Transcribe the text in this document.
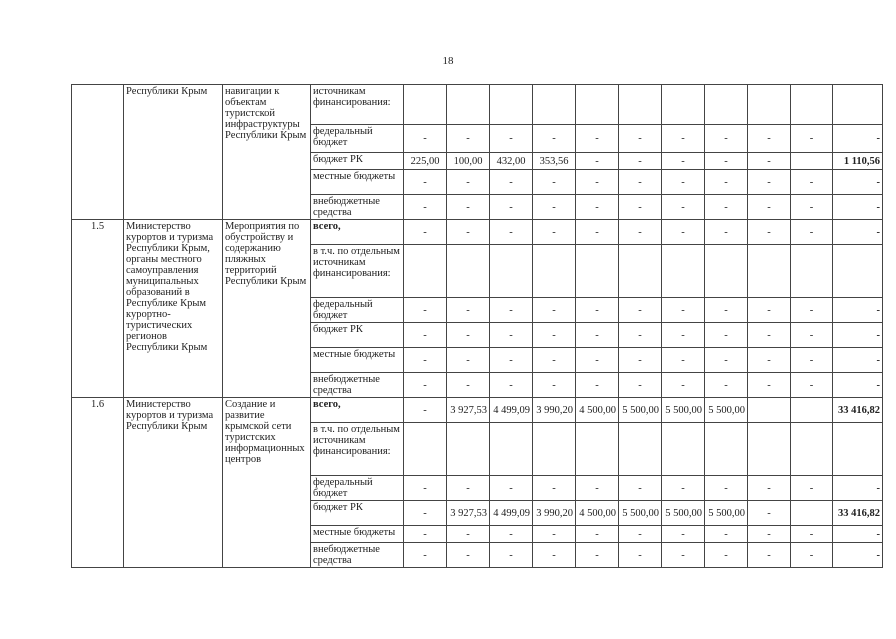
18
	Республики Крым	навигации к объектам туристской инфраструктуры Республики Крым	источникам финансирования:											
			федеральный бюджет	-	-	-	-	-	-	-	-	-	-	-
			бюджет РК	225,00	100,00	432,00	353,56	-	-	-	-	-		1 110,56
			местные бюджеты	-	-	-	-	-	-	-	-	-	-	-
			внебюджетные средства	-	-	-	-	-	-	-	-	-	-	-
1.5	Министерство курортов и туризма Республики Крым, органы местного самоуправления муниципальных образований в Республике Крым курортно-туристических регионов Республики Крым	Мероприятия по обустройству и содержанию пляжных территорий Республики Крым	всего,	-	-	-	-	-	-	-	-	-	-	-
			в т.ч. по отдельным источникам финансирования:											
			федеральный бюджет	-	-	-	-	-	-	-	-	-	-	-
			бюджет РК	-	-	-	-	-	-	-	-	-	-	-
			местные бюджеты	-	-	-	-	-	-	-	-	-	-	-
			внебюджетные средства	-	-	-	-	-	-	-	-	-	-	-
1.6	Министерство курортов и туризма Республики Крым	Создание и развитие крымской сети туристских информационных центров	всего,	-	3 927,53	4 499,09	3 990,20	4 500,00	5 500,00	5 500,00	5 500,00			33 416,82
			в т.ч. по отдельным источникам финансирования:											
			федеральный бюджет	-	-	-	-	-	-	-	-	-	-	-
			бюджет РК	-	3 927,53	4 499,09	3 990,20	4 500,00	5 500,00	5 500,00	5 500,00	-		33 416,82
			местные бюджеты	-	-	-	-	-	-	-	-	-	-	-
			внебюджетные средства	-	-	-	-	-	-	-	-	-	-	-
